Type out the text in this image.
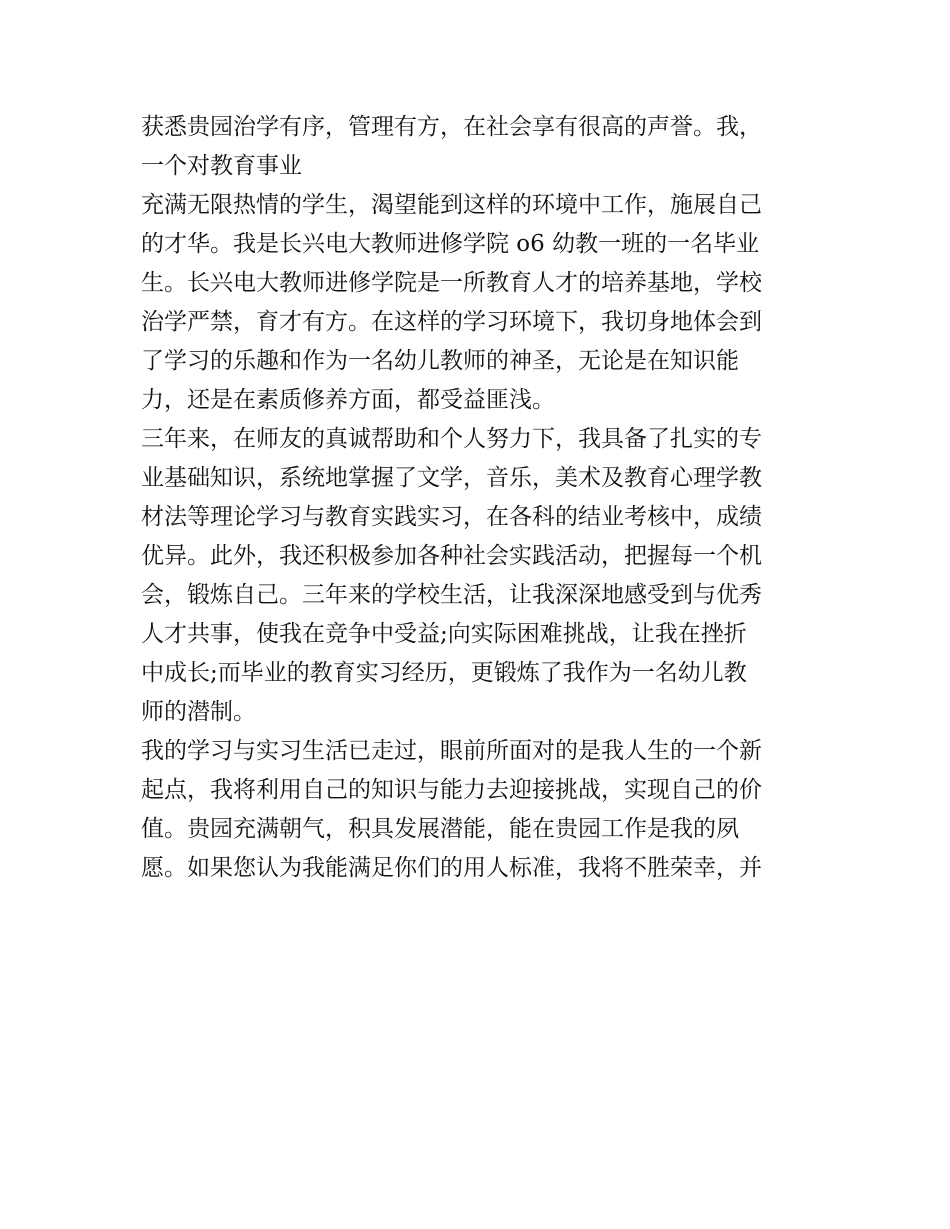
获悉贵园治学有序，管理有方，在社会享有很高的声誉。我，
一个对教育事业
充满无限热情的学生，渴望能到这样的环境中工作，施展自己
的才华。我是长兴电大教师进修学院 o6 幼教一班的一名毕业
生。长兴电大教师进修学院是一所教育人才的培养基地，学校
治学严禁，育才有方。在这样的学习环境下，我切身地体会到
了学习的乐趣和作为一名幼儿教师的神圣，无论是在知识能
力，还是在素质修养方面，都受益匪浅。
三年来，在师友的真诚帮助和个人努力下，我具备了扎实的专
业基础知识，系统地掌握了文学，音乐，美术及教育心理学教
材法等理论学习与教育实践实习，在各科的结业考核中，成绩
优异。此外，我还积极参加各种社会实践活动，把握每一个机
会，锻炼自己。三年来的学校生活，让我深深地感受到与优秀
人才共事，使我在竞争中受益;向实际困难挑战，让我在挫折
中成长;而毕业的教育实习经历，更锻炼了我作为一名幼儿教
师的潜制。
我的学习与实习生活已走过，眼前所面对的是我人生的一个新
起点，我将利用自己的知识与能力去迎接挑战，实现自己的价
值。贵园充满朝气，积具发展潜能，能在贵园工作是我的夙
愿。如果您认为我能满足你们的用人标准，我将不胜荣幸，并
